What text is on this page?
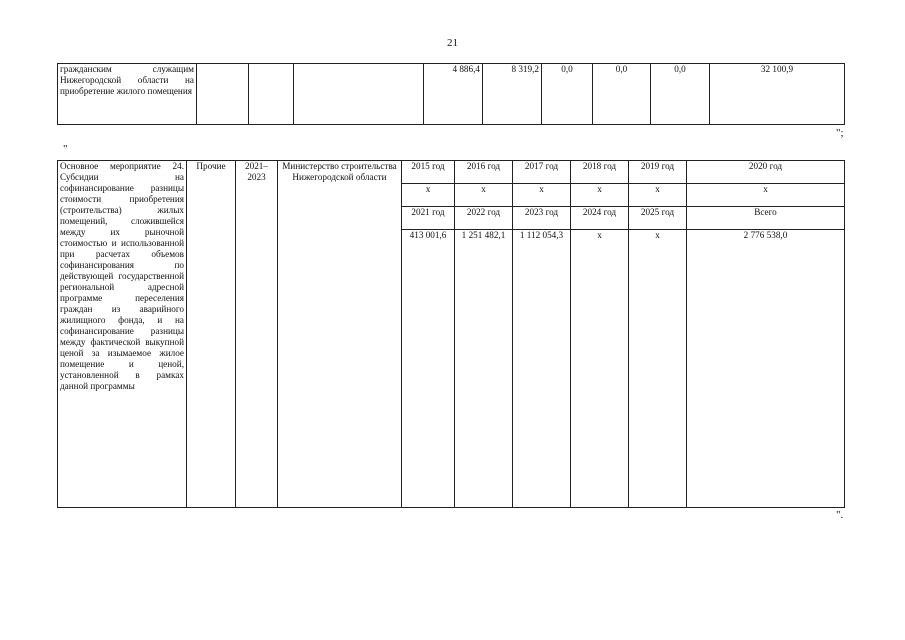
21
гражданским служащим Нижегородской области на приобретение жилого помещения				4 886,4	8 319,2	0,0	0,0	0,0	32 100,9
";
"
Основное мероприятие 24. Субсидии на софинансирование разницы стоимости приобретения (строительства) жилых помещений, сложившейся между их рыночной стоимостью и использованной при расчетах объемов софинансирования по действующей государственной региональной адресной программе переселения граждан из аварийного жилищного фонда, и на софинансирование разницы между фактической выкупной ценой за изымаемое жилое помещение и ценой, установленной в рамках данной программы	Прочие	2021–2023	Министерство строительства Нижегородской области	2015 год	2016 год	2017 год	2018 год	2019 год	2020 год
				х	х	х	х	х	х
				2021 год	2022 год	2023 год	2024 год	2025 год	Всего
				413 001,6	1 251 482,1	1 112 054,3	х	х	2 776 538,0
".
